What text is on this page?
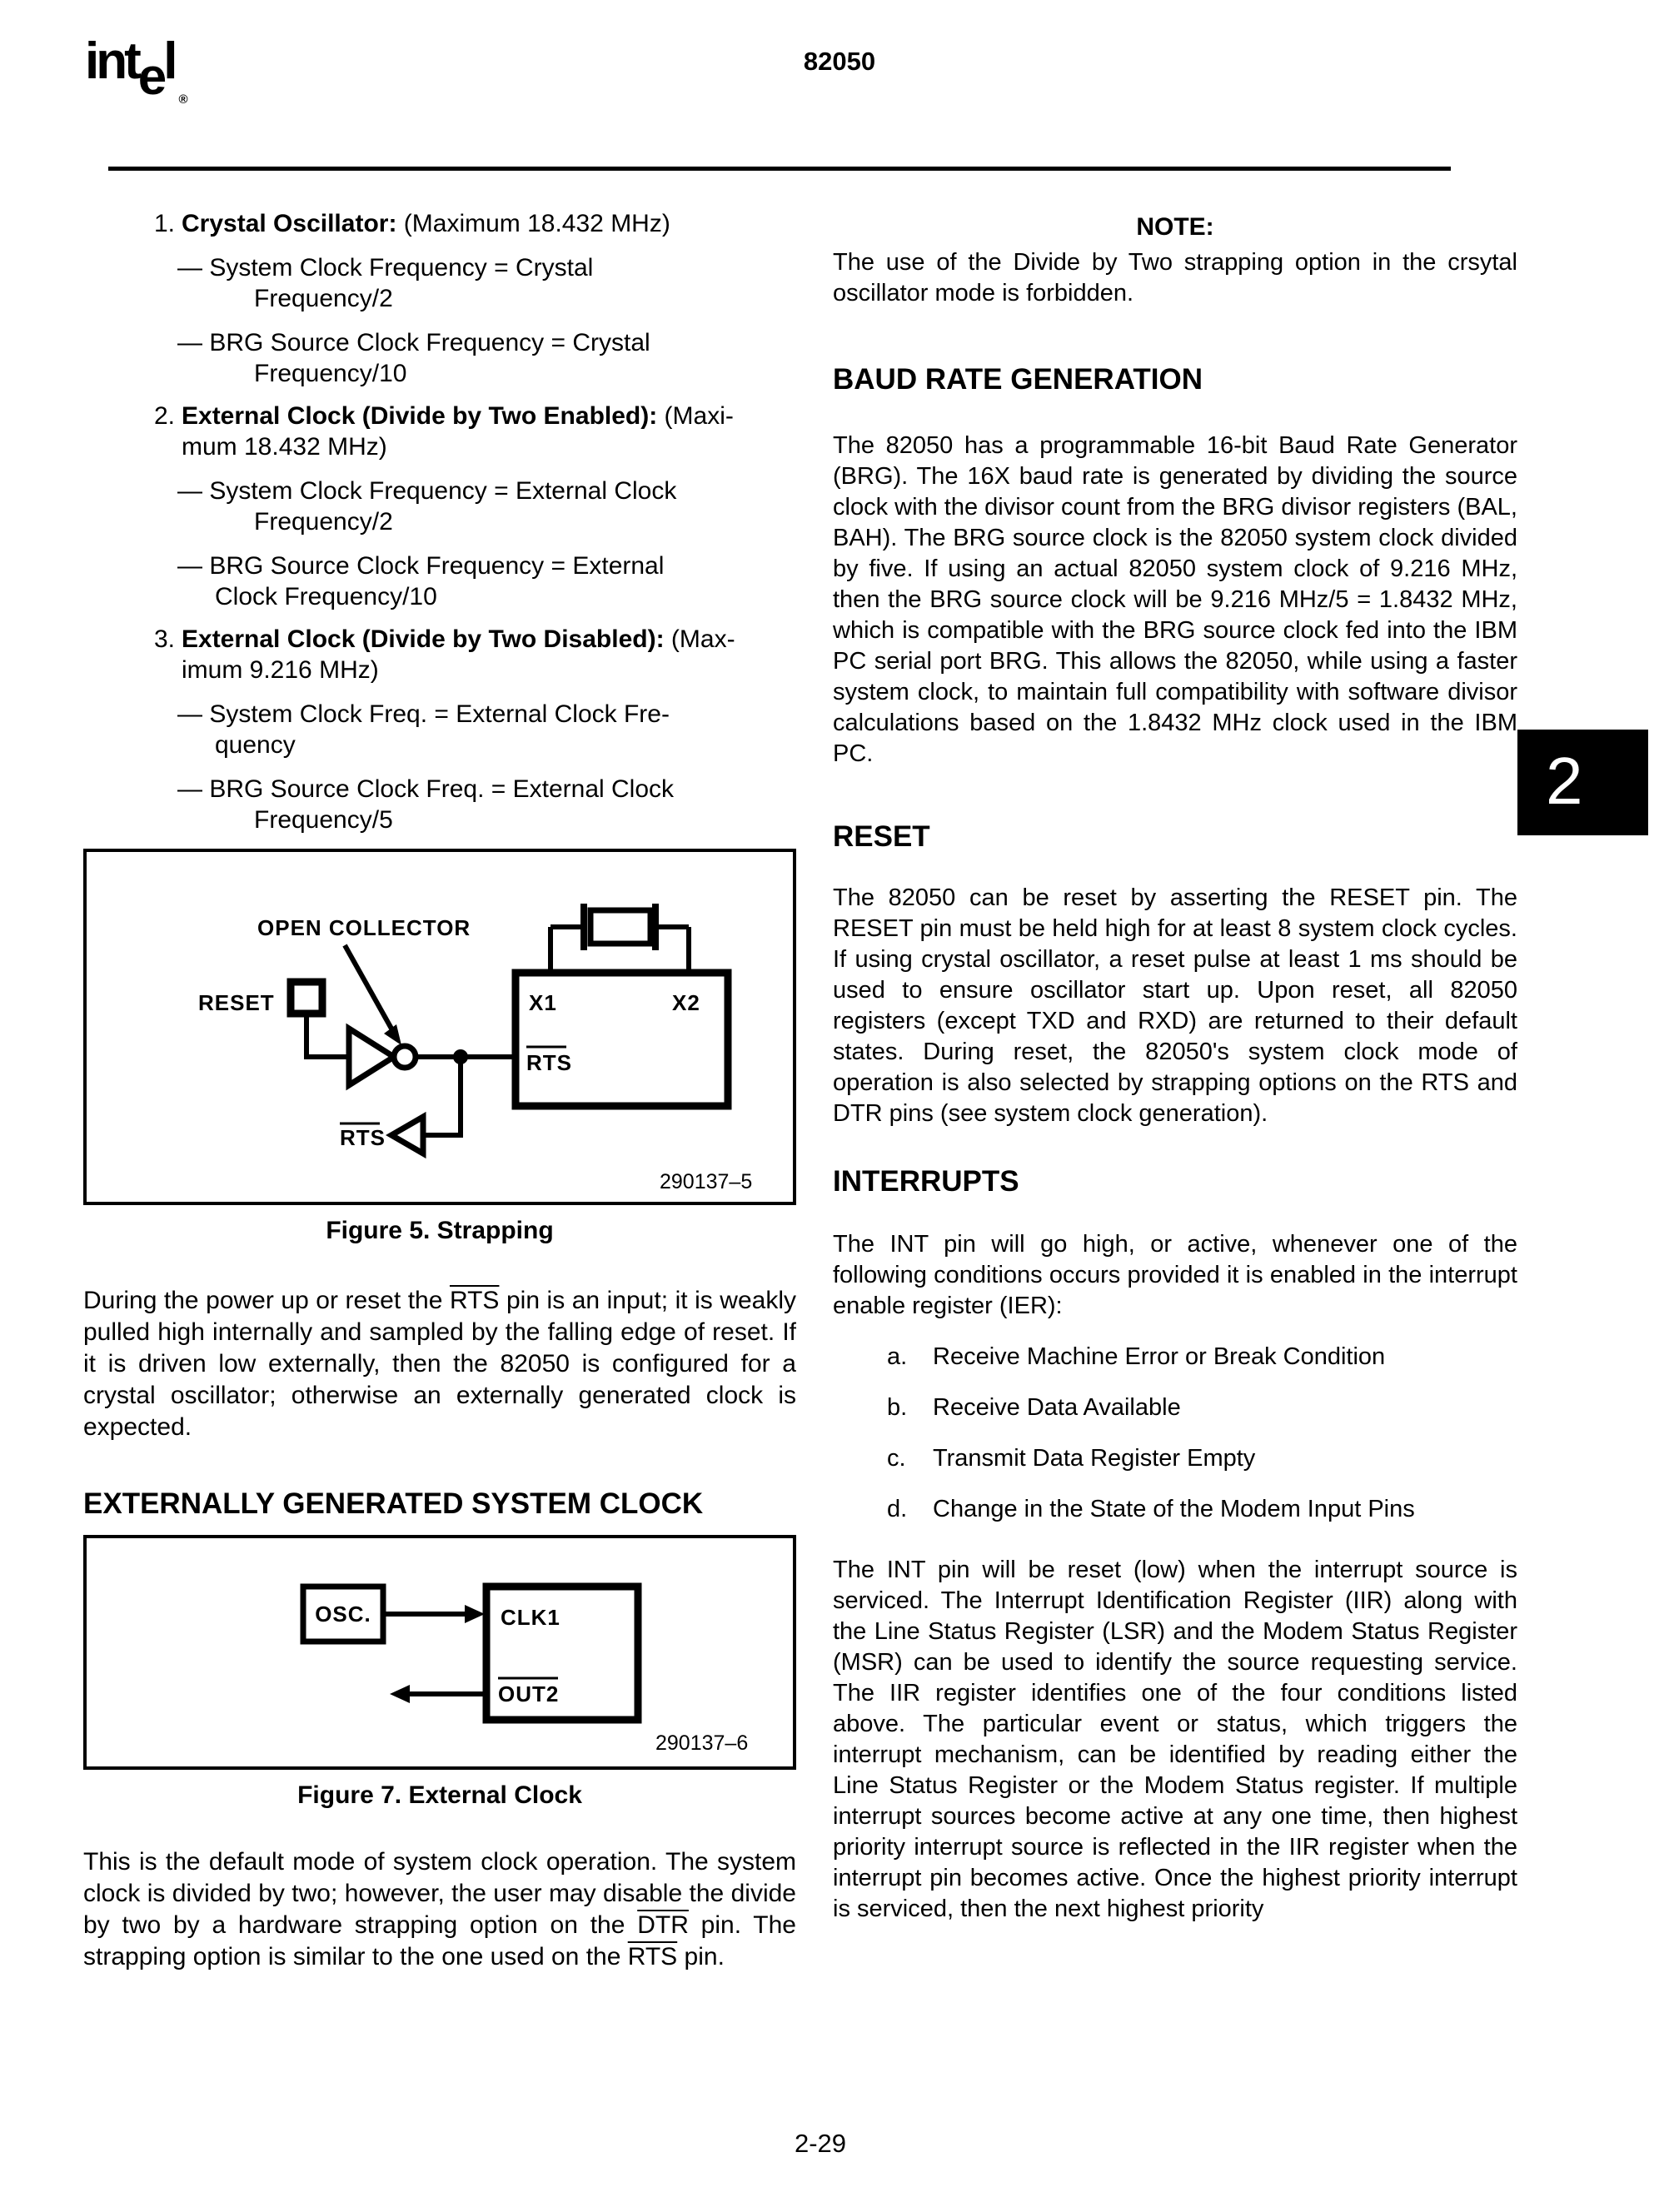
intel®
82050
2
1. Crystal Oscillator: (Maximum 18.432 MHz)
— System Clock Frequency = Crystal
Frequency/2
— BRG Source Clock Frequency = Crystal
Frequency/10
2. External Clock (Divide by Two Enabled): (Maxi-
mum 18.432 MHz)
— System Clock Frequency = External Clock
Frequency/2
— BRG Source Clock Frequency = External
Clock Frequency/10
3. External Clock (Divide by Two Disabled): (Max-
imum 9.216 MHz)
— System Clock Freq. = External Clock Fre-
quency
— BRG Source Clock Freq. = External Clock
Frequency/5
OPEN COLLECTOR
RESET
RTS
X1	X2
RTS
290137–5
Figure 5. Strapping

During the power up or reset the $\overline{RTS}$ pin is an input; it is weakly pulled high internally and sampled by the falling edge of reset. If it is driven low externally, then the 82050 is configured for a crystal oscillator; otherwise an externally generated clock is expected.

EXTERNALLY GENERATED SYSTEM CLOCK
OSC.	CLK1
OUT2
290137–6
Figure 7. External Clock

This is the default mode of system clock operation. The system clock is divided by two; however, the user may disable the divide by two by a hardware strapping option on the $\overline{DTR}$ pin. The strapping option is similar to the one used on the $\overline{RTS}$ pin.

NOTE:

The use of the Divide by Two strapping option in the crsytal oscillator mode is forbidden.

BAUD RATE GENERATION

The 82050 has a programmable 16-bit Baud Rate Generator (BRG). The 16X baud rate is generated by dividing the source clock with the divisor count from the BRG divisor registers (BAL, BAH). The BRG source clock is the 82050 system clock divided by five. If using an actual 82050 system clock of 9.216 MHz, then the BRG source clock will be 9.216 MHz/5 = 1.8432 MHz, which is compatible with the BRG source clock fed into the IBM PC serial port BRG. This allows the 82050, while using a faster system clock, to maintain full compatibility with software divisor calculations based on the 1.8432 MHz clock used in the IBM PC.

RESET

The 82050 can be reset by asserting the RESET pin. The RESET pin must be held high for at least 8 system clock cycles. If using crystal oscillator, a reset pulse at least 1 ms should be used to ensure oscillator start up. Upon reset, all 82050 registers (except TXD and RXD) are returned to their default states. During reset, the 82050's system clock mode of operation is also selected by strapping options on the RTS and DTR pins (see system clock generation).

INTERRUPTS

The INT pin will go high, or active, whenever one of the following conditions occurs provided it is enabled in the interrupt enable register (IER):

a. Receive Machine Error or Break Condition
b. Receive Data Available
c. Transmit Data Register Empty
d. Change in the State of the Modem Input Pins

The INT pin will be reset (low) when the interrupt source is serviced. The Interrupt Identification Register (IIR) along with the Line Status Register (LSR) and the Modem Status Register (MSR) can be used to identify the source requesting service. The IIR register identifies one of the four conditions listed above. The particular event or status, which triggers the interrupt mechanism, can be identified by reading either the Line Status Register or the Modem Status register. If multiple interrupt sources become active at any one time, then highest priority interrupt source is reflected in the IIR register when the interrupt pin becomes active. Once the highest priority interrupt is serviced, then the next highest priority

2-29
